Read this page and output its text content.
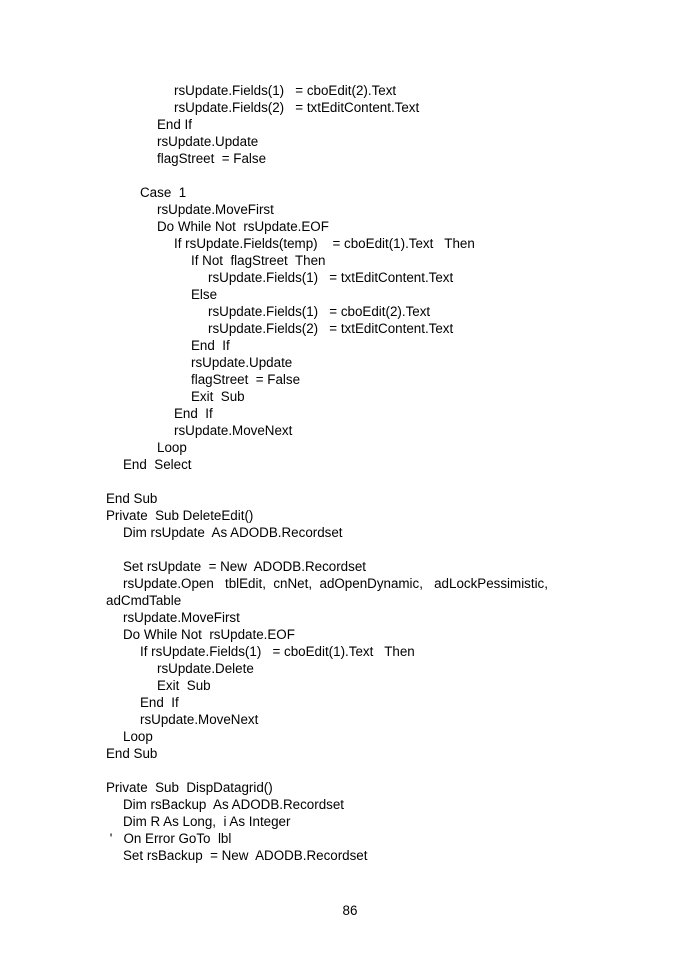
rsUpdate.Fields(1)   = cboEdit(2).Text
rsUpdate.Fields(2)   = txtEditContent.Text
End If
rsUpdate.Update
flagStreet  = False
Case  1
rsUpdate.MoveFirst
Do While Not  rsUpdate.EOF
If rsUpdate.Fields(temp)    = cboEdit(1).Text   Then
If Not  flagStreet  Then
rsUpdate.Fields(1)   = txtEditContent.Text
Else
rsUpdate.Fields(1)   = cboEdit(2).Text
rsUpdate.Fields(2)   = txtEditContent.Text
End  If
rsUpdate.Update
flagStreet  = False
Exit  Sub
End  If
rsUpdate.MoveNext
Loop
End  Select
End Sub
Private  Sub DeleteEdit()
Dim rsUpdate  As ADODB.Recordset
Set rsUpdate  = New  ADODB.Recordset
rsUpdate.Open   tblEdit,  cnNet,  adOpenDynamic,   adLockPessimistic,
adCmdTable
rsUpdate.MoveFirst
Do While Not  rsUpdate.EOF
If rsUpdate.Fields(1)   = cboEdit(1).Text   Then
rsUpdate.Delete
Exit  Sub
End  If
rsUpdate.MoveNext
Loop
End Sub
Private  Sub  DispDatagrid()
Dim rsBackup  As ADODB.Recordset
Dim R As Long,  i As Integer
'   On Error GoTo  lbl
Set rsBackup  = New  ADODB.Recordset
86
